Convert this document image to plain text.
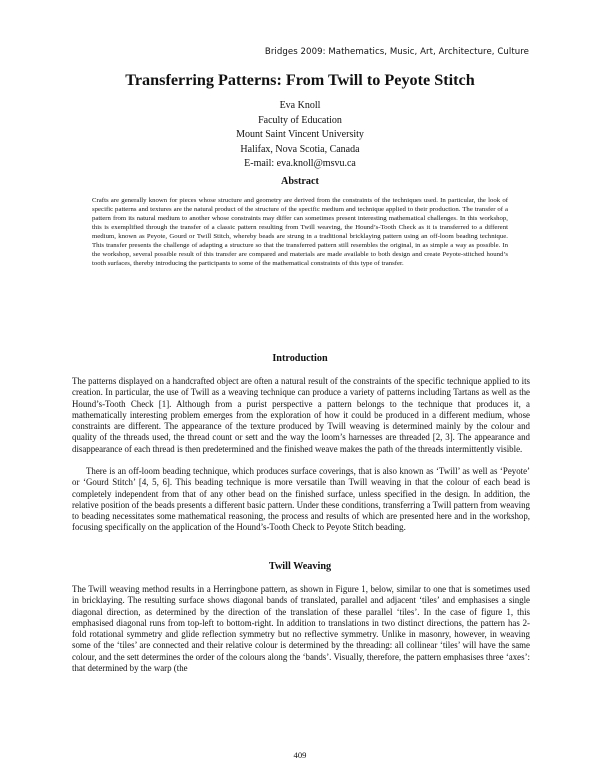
Bridges 2009: Mathematics, Music, Art, Architecture, Culture
Transferring Patterns: From Twill to Peyote Stitch
Eva Knoll
Faculty of Education
Mount Saint Vincent University
Halifax, Nova Scotia, Canada
E-mail: eva.knoll@msvu.ca
Abstract

Crafts are generally known for pieces whose structure and geometry are derived from the constraints of the techniques used. In particular, the look of specific patterns and textures are the natural product of the structure of the specific medium and technique applied to their production. The transfer of a pattern from its natural medium to another whose constraints may differ can sometimes present interesting mathematical challenges. In this workshop, this is exemplified through the transfer of a classic pattern resulting from Twill weaving, the Hound’s-Tooth Check as it is transferred to a different medium, known as Peyote, Gourd or Twill Stitch, whereby beads are strung in a traditional bricklaying pattern using an off-loom beading technique. This transfer presents the challenge of adapting a structure so that the transferred pattern still resembles the original, in as simple a way as possible. In the workshop, several possible result of this transfer are compared and materials are made available to both design and create Peyote-stitched hound’s tooth surfaces, thereby introducing the participants to some of the mathematical constraints of this type of transfer.

Introduction

The patterns displayed on a handcrafted object are often a natural result of the constraints of the specific technique applied to its creation. In particular, the use of Twill as a weaving technique can produce a variety of patterns including Tartans as well as the Hound’s-Tooth Check [1]. Although from a purist perspective a pattern belongs to the technique that produces it, a mathematically interesting problem emerges from the exploration of how it could be produced in a different medium, whose constraints are different. The appearance of the texture produced by Twill weaving is determined mainly by the colour and quality of the threads used, the thread count or sett and the way the loom’s harnesses are threaded [2, 3]. The appearance and disappearance of each thread is then predetermined and the finished weave makes the path of the threads intermittently visible.

There is an off-loom beading technique, which produces surface coverings, that is also known as ‘Twill’ as well as ‘Peyote’ or ‘Gourd Stitch’ [4, 5, 6]. This beading technique is more versatile than Twill weaving in that the colour of each bead is completely independent from that of any other bead on the finished surface, unless specified in the design. In addition, the relative position of the beads presents a different basic pattern. Under these conditions, transferring a Twill pattern from weaving to beading necessitates some mathematical reasoning, the process and results of which are presented here and in the workshop, focusing specifically on the application of the Hound’s-Tooth Check to Peyote Stitch beading.

Twill Weaving

The Twill weaving method results in a Herringbone pattern, as shown in Figure 1, below, similar to one that is sometimes used in bricklaying. The resulting surface shows diagonal bands of translated, parallel and adjacent ‘tiles’ and emphasises a single diagonal direction, as determined by the direction of the translation of these parallel ‘tiles’. In the case of figure 1, this emphasised diagonal runs from top-left to bottom-right. In addition to translations in two distinct directions, the pattern has 2-fold rotational symmetry and glide reflection symmetry but no reflective symmetry. Unlike in masonry, however, in weaving some of the ‘tiles’ are connected and their relative colour is determined by the threading: all collinear ‘tiles’ will have the same colour, and the sett determines the order of the colours along the ‘bands’. Visually, therefore, the pattern emphasises three ‘axes’: that determined by the warp (the

409
